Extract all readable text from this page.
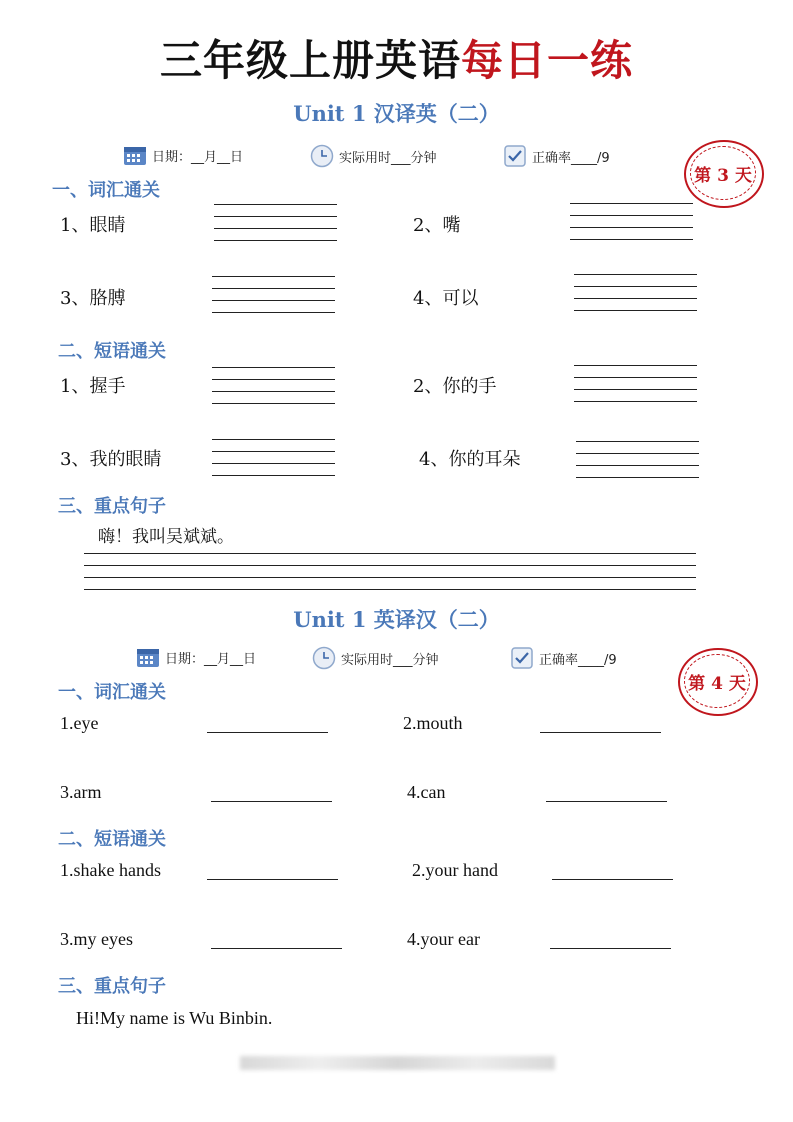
三年级上册英语每日一练
Unit 1 汉译英（二）
日期：__月__日	实际用时___分钟	正确率____/9
第 3 天
一、词汇通关
1、眼睛	2、嘴
3、胳膊	4、可以
二、短语通关
1、握手	2、你的手
3、我的眼睛	4、你的耳朵
三、重点句子
嗨！我叫吴斌斌。
Unit 1 英译汉（二）
日期：__月__日	实际用时___分钟	正确率____/9
第 4 天
一、词汇通关
1.eye	2.mouth
3.arm	4.can
二、短语通关
1.shake hands	2.your hand
3.my eyes	4.your ear
三、重点句子
Hi!My name is Wu Binbin.
